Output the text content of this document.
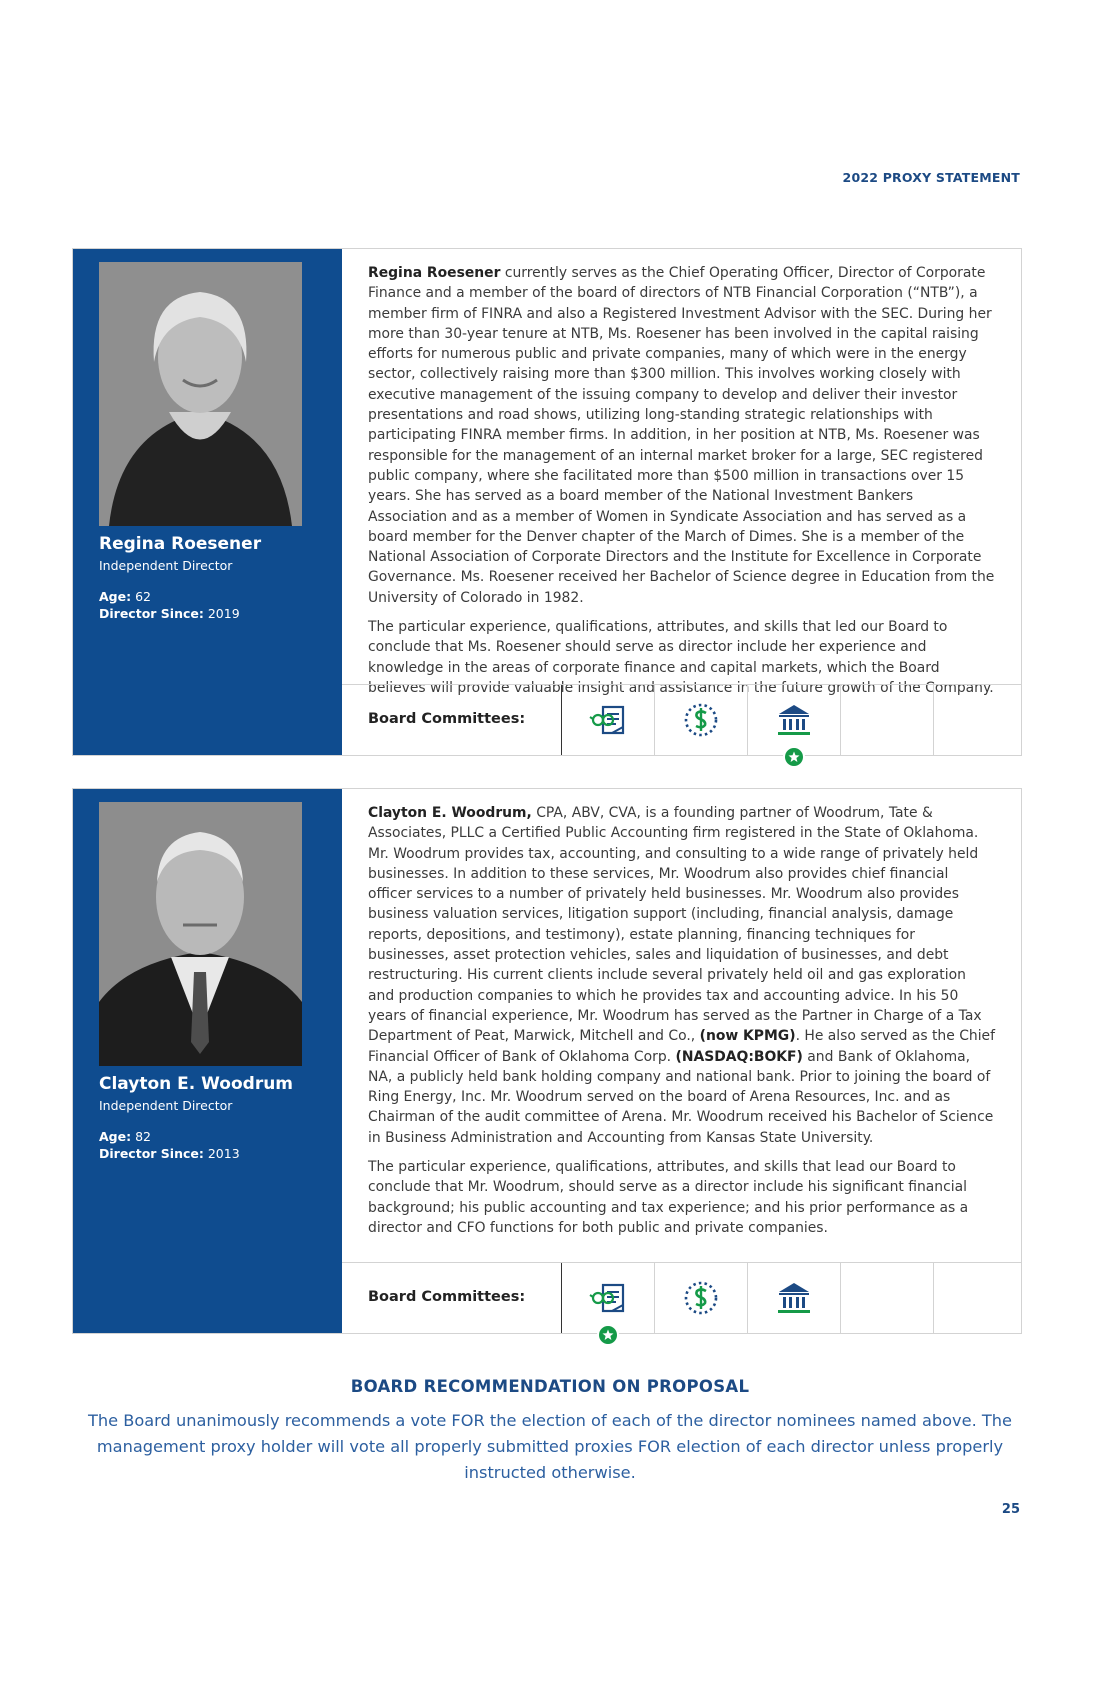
2022 PROXY STATEMENT
Regina Roesener
Independent Director
Age: 62
Director Since: 2019

Regina Roesener currently serves as the Chief Operating Officer, Director of Corporate Finance and a member of the board of directors of NTB Financial Corporation (“NTB”), a member firm of FINRA and also a Registered Investment Advisor with the SEC. During her more than 30-year tenure at NTB, Ms. Roesener has been involved in the capital raising efforts for numerous public and private companies, many of which were in the energy sector, collectively raising more than $300 million. This involves working closely with executive management of the issuing company to develop and deliver their investor presentations and road shows, utilizing long-standing strategic relationships with participating FINRA member firms. In addition, in her position at NTB, Ms. Roesener was responsible for the management of an internal market broker for a large, SEC registered public company, where she facilitated more than $500 million in transactions over 15 years. She has served as a board member of the National Investment Bankers Association and as a member of Women in Syndicate Association and has served as a board member for the Denver chapter of the March of Dimes. She is a member of the National Association of Corporate Directors and the Institute for Excellence in Corporate Governance. Ms. Roesener received her Bachelor of Science degree in Education from the University of Colorado in 1982.

The particular experience, qualifications, attributes, and skills that led our Board to conclude that Ms. Roesener should serve as director include her experience and knowledge in the areas of corporate finance and capital markets, which the Board believes will provide valuable insight and assistance in the future growth of the Company.

Board Committees:
Clayton E. Woodrum
Independent Director
Age: 82
Director Since: 2013

Clayton E. Woodrum, CPA, ABV, CVA, is a founding partner of Woodrum, Tate & Associates, PLLC a Certified Public Accounting firm registered in the State of Oklahoma. Mr. Woodrum provides tax, accounting, and consulting to a wide range of privately held businesses. In addition to these services, Mr. Woodrum also provides chief financial officer services to a number of privately held businesses. Mr. Woodrum also provides business valuation services, litigation support (including, financial analysis, damage reports, depositions, and testimony), estate planning, financing techniques for businesses, asset protection vehicles, sales and liquidation of businesses, and debt restructuring. His current clients include several privately held oil and gas exploration and production companies to which he provides tax and accounting advice. In his 50 years of financial experience, Mr. Woodrum has served as the Partner in Charge of a Tax Department of Peat, Marwick, Mitchell and Co., (now KPMG). He also served as the Chief Financial Officer of Bank of Oklahoma Corp. (NASDAQ:BOKF) and Bank of Oklahoma, NA, a publicly held bank holding company and national bank. Prior to joining the board of Ring Energy, Inc. Mr. Woodrum served on the board of Arena Resources, Inc. and as Chairman of the audit committee of Arena. Mr. Woodrum received his Bachelor of Science in Business Administration and Accounting from Kansas State University.

The particular experience, qualifications, attributes, and skills that lead our Board to conclude that Mr. Woodrum, should serve as a director include his significant financial background; his public accounting and tax experience; and his prior performance as a director and CFO functions for both public and private companies.

Board Committees:
BOARD RECOMMENDATION ON PROPOSAL
The Board unanimously recommends a vote FOR the election of each of the director nominees named above. The management proxy holder will vote all properly submitted proxies FOR election of each director unless properly instructed otherwise.
25
